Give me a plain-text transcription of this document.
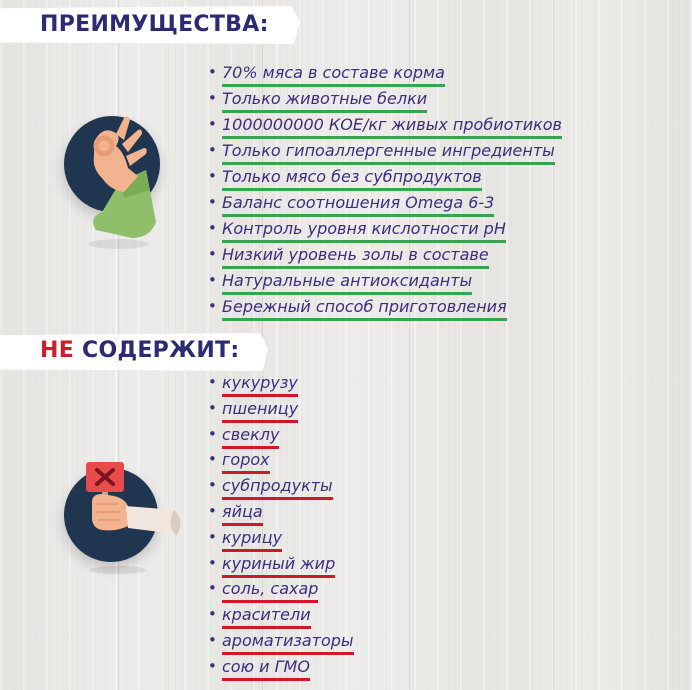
ПРЕИМУЩЕСТВА:
• 70% мяса в составе корма
• Только животные белки
• 1000000000 КОЕ/кг живых пробиотиков
• Только гипоаллергенные ингредиенты
• Только мясо без субпродуктов
• Баланс соотношения Omega 6-3
• Контроль уровня кислотности pH
• Низкий уровень золы в составе
• Натуральные антиоксиданты
• Бережный способ приготовления
НЕ СОДЕРЖИТ:
• кукурузу
• пшеницу
• свеклу
• горох
• субпродукты
• яйца
• курицу
• куриный жир
• соль, сахар
• красители
• ароматизаторы
• сою и ГМО
